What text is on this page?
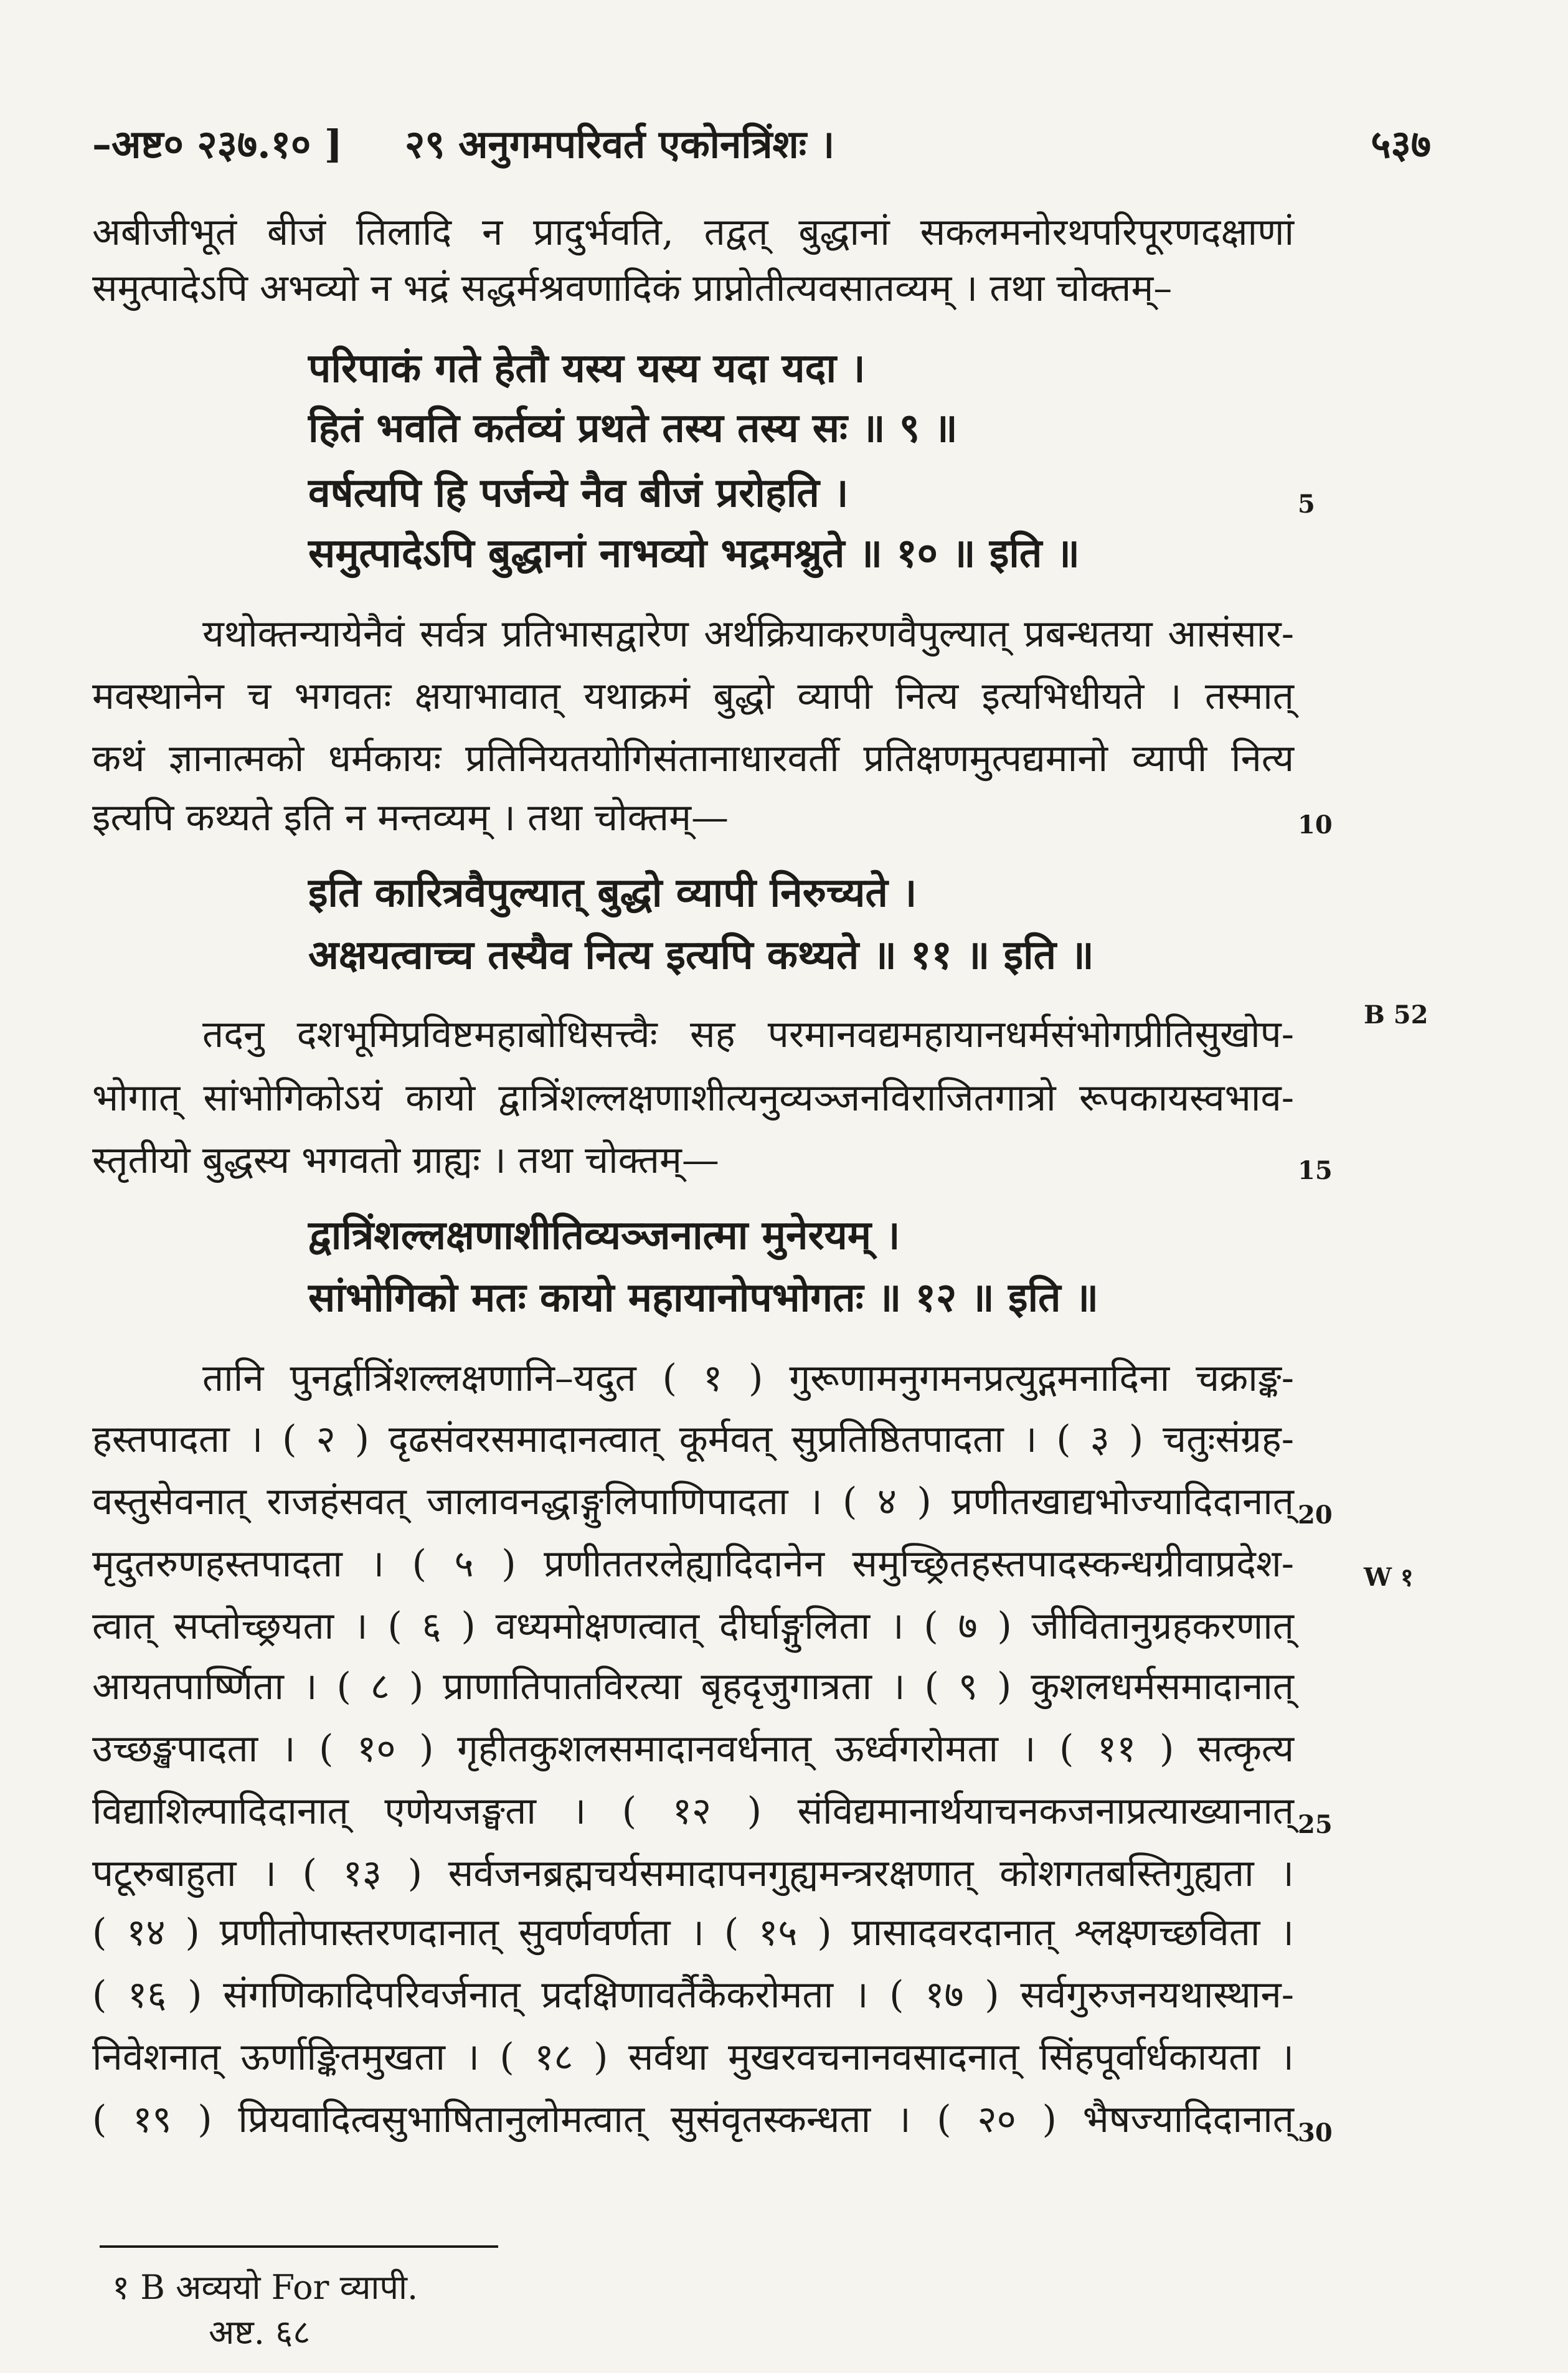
–अष्ट० २३७.१० ] २९ अनुगमपरिवर्त एकोनत्रिंशः ।	५३७
अबीजीभूतं बीजं तिलादि न प्रादुर्भवति, तद्वत् बुद्धानां सकलमनोरथपरिपूरणदक्षाणां
समुत्पादेऽपि अभव्यो न भद्रं सद्धर्मश्रवणादिकं प्राप्नोतीत्यवसातव्यम् । तथा चोक्तम्–
परिपाकं गते हेतौ यस्य यस्य यदा यदा ।
हितं भवति कर्तव्यं प्रथते तस्य तस्य सः ॥ ९ ॥
वर्षत्यपि हि पर्जन्ये नैव बीजं प्ररोहति ।
समुत्पादेऽपि बुद्धानां नाभव्यो भद्रमश्नुते ॥ १० ॥ इति ॥
यथोक्तन्यायेनैवं सर्वत्र प्रतिभासद्वारेण अर्थक्रियाकरणवैपुल्यात् प्रबन्धतया आसंसार-
मवस्थानेन च भगवतः क्षयाभावात् यथाक्रमं बुद्धो व्यापी नित्य इत्यभिधीयते । तस्मात्
कथं ज्ञानात्मको धर्मकायः प्रतिनियतयोगिसंतानाधारवर्ती प्रतिक्षणमुत्पद्यमानो व्यापी नित्य
इत्यपि कथ्यते इति न मन्तव्यम् । तथा चोक्तम्—
इति कारित्रवैपुल्यात् बुद्धो व्यापी निरुच्यते ।
अक्षयत्वाच्च तस्यैव नित्य इत्यपि कथ्यते ॥ ११ ॥ इति ॥
तदनु दशभूमिप्रविष्टमहाबोधिसत्त्वैः सह परमानवद्यमहायानधर्मसंभोगप्रीतिसुखोप-
भोगात् सांभोगिकोऽयं कायो द्वात्रिंशल्लक्षणाशीत्यनुव्यञ्जनविराजितगात्रो रूपकायस्वभाव-
स्तृतीयो बुद्धस्य भगवतो ग्राह्यः । तथा चोक्तम्—
द्वात्रिंशल्लक्षणाशीतिव्यञ्जनात्मा मुनेरयम् ।
सांभोगिको मतः कायो महायानोपभोगतः ॥ १२ ॥ इति ॥
तानि पुनर्द्वात्रिंशल्लक्षणानि–यदुत ( १ ) गुरूणामनुगमनप्रत्युद्गमनादिना चक्राङ्क-
हस्तपादता । ( २ ) दृढसंवरसमादानत्वात् कूर्मवत् सुप्रतिष्ठितपादता । ( ३ ) चतुःसंग्रह-
वस्तुसेवनात् राजहंसवत् जालावनद्धाङ्गुलिपाणिपादता । ( ४ ) प्रणीतखाद्यभोज्यादिदानात्
मृदुतरुणहस्तपादता । ( ५ ) प्रणीततरलेह्यादिदानेन समुच्छ्रितहस्तपादस्कन्धग्रीवाप्रदेश-
त्वात् सप्तोच्छ्रयता । ( ६ ) वध्यमोक्षणत्वात् दीर्घाङ्गुलिता । ( ७ ) जीवितानुग्रहकरणात्
आयतपार्ष्णिता । ( ८ ) प्राणातिपातविरत्या बृहदृजुगात्रता । ( ९ ) कुशलधर्मसमादानात्
उच्छङ्खपादता । ( १० ) गृहीतकुशलसमादानवर्धनात् ऊर्ध्वगरोमता । ( ११ ) सत्कृत्य
विद्याशिल्पादिदानात् एणेयजङ्घता । ( १२ ) संविद्यमानार्थयाचनकजनाप्रत्याख्यानात्
पटूरुबाहुता । ( १३ ) सर्वजनब्रह्मचर्यसमादापनगुह्यमन्त्ररक्षणात् कोशगतबस्तिगुह्यता ।
( १४ ) प्रणीतोपास्तरणदानात् सुवर्णवर्णता । ( १५ ) प्रासादवरदानात् श्लक्ष्णच्छविता ।
( १६ ) संगणिकादिपरिवर्जनात् प्रदक्षिणावर्तैकैकरोमता । ( १७ ) सर्वगुरुजनयथास्थान-
निवेशनात् ऊर्णाङ्कितमुखता । ( १८ ) सर्वथा मुखरवचनानवसादनात् सिंहपूर्वार्धकायता ।
( १९ ) प्रियवादित्वसुभाषितानुलोमत्वात् सुसंवृतस्कन्धता । ( २० ) भैषज्यादिदानात्
5
10
15
20
25
30
B 52
W १
१ B अव्ययो For व्यापी.
अष्ट. ६८
